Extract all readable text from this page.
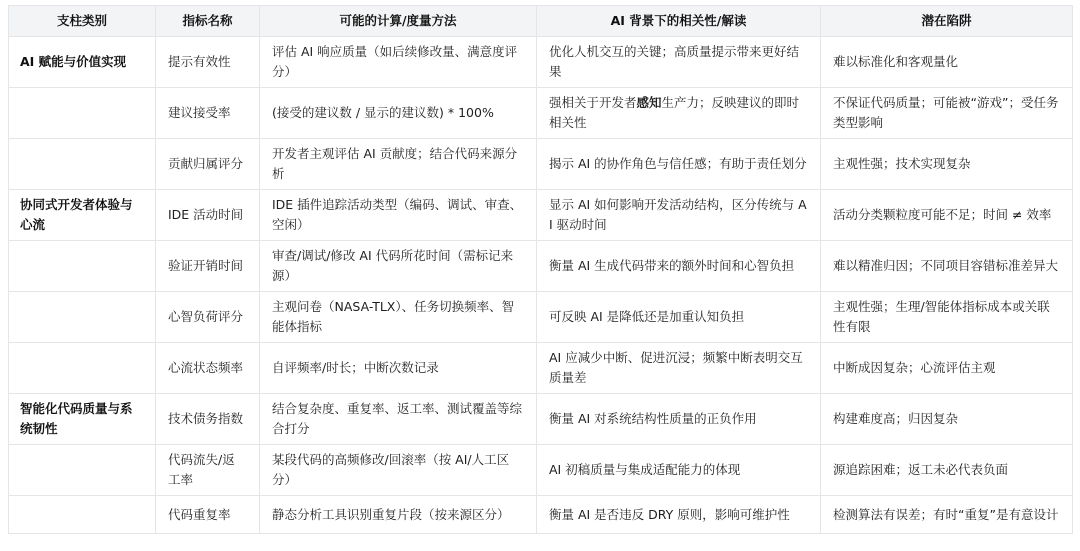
支柱类别	指标名称	可能的计算/度量方法	AI 背景下的相关性/解读	潜在陷阱
AI 赋能与价值实现	提示有效性	评估 AI 响应质量（如后续修改量、满意度评分）	优化人机交互的关键；高质量提示带来更好结果	难以标准化和客观量化
	建议接受率	(接受的建议数 / 显示的建议数) * 100%	强相关于开发者感知生产力；反映建议的即时相关性	不保证代码质量；可能被“游戏”；受任务类型影响
	贡献归属评分	开发者主观评估 AI 贡献度；结合代码来源分析	揭示 AI 的协作角色与信任感；有助于责任划分	主观性强；技术实现复杂
协同式开发者体验与心流	IDE 活动时间	IDE 插件追踪活动类型（编码、调试、审查、空闲）	显示 AI 如何影响开发活动结构，区分传统与 AI 驱动时间	活动分类颗粒度可能不足；时间 ≠ 效率
	验证开销时间	审查/调试/修改 AI 代码所花时间（需标记来源）	衡量 AI 生成代码带来的额外时间和心智负担	难以精准归因；不同项目容错标准差异大
	心智负荷评分	主观问卷（NASA-TLX）、任务切换频率、智能体指标	可反映 AI 是降低还是加重认知负担	主观性强；生理/智能体指标成本或关联性有限
	心流状态频率	自评频率/时长；中断次数记录	AI 应减少中断、促进沉浸；频繁中断表明交互质量差	中断成因复杂；心流评估主观
智能化代码质量与系统韧性	技术债务指数	结合复杂度、重复率、返工率、测试覆盖等综合打分	衡量 AI 对系统结构性质量的正负作用	构建难度高；归因复杂
	代码流失/返工率	某段代码的高频修改/回滚率（按 AI/人工区分）	AI 初稿质量与集成适配能力的体现	源追踪困难；返工未必代表负面
	代码重复率	静态分析工具识别重复片段（按来源区分）	衡量 AI 是否违反 DRY 原则，影响可维护性	检测算法有误差；有时“重复”是有意设计
